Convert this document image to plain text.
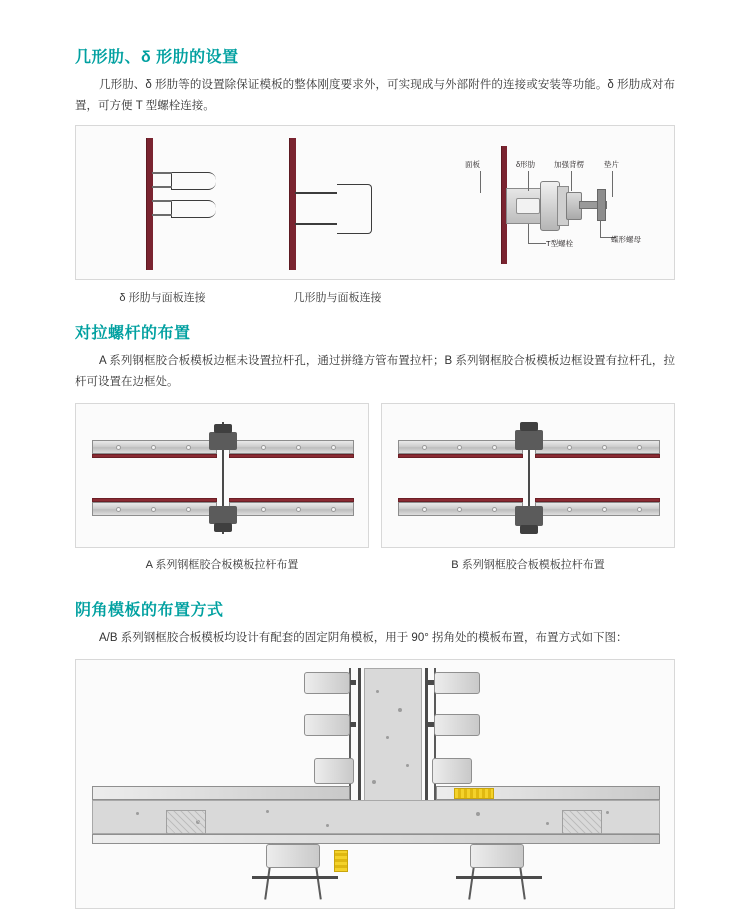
几形肋、δ 形肋的设置

几形肋、δ 形肋等的设置除保证模板的整体刚度要求外，可实现成与外部附件的连接或安装等功能。δ 形肋成对布置，可方便 T 型螺栓连接。

面板	δ形肋	加强背楞	垫片
T型螺栓	蝶形螺母
δ 形肋与面板连接	几形肋与面板连接
对拉螺杆的布置

A 系列钢框胶合板模板边框未设置拉杆孔，通过拼缝方管布置拉杆；B 系列钢框胶合板模板边框设置有拉杆孔，拉杆可设置在边框处。

A 系列钢框胶合板模板拉杆布置	B 系列钢框胶合板模板拉杆布置
阴角模板的布置方式

A/B 系列钢框胶合板模板均设计有配套的固定阴角模板，用于 90° 拐角处的模板布置，布置方式如下图：
